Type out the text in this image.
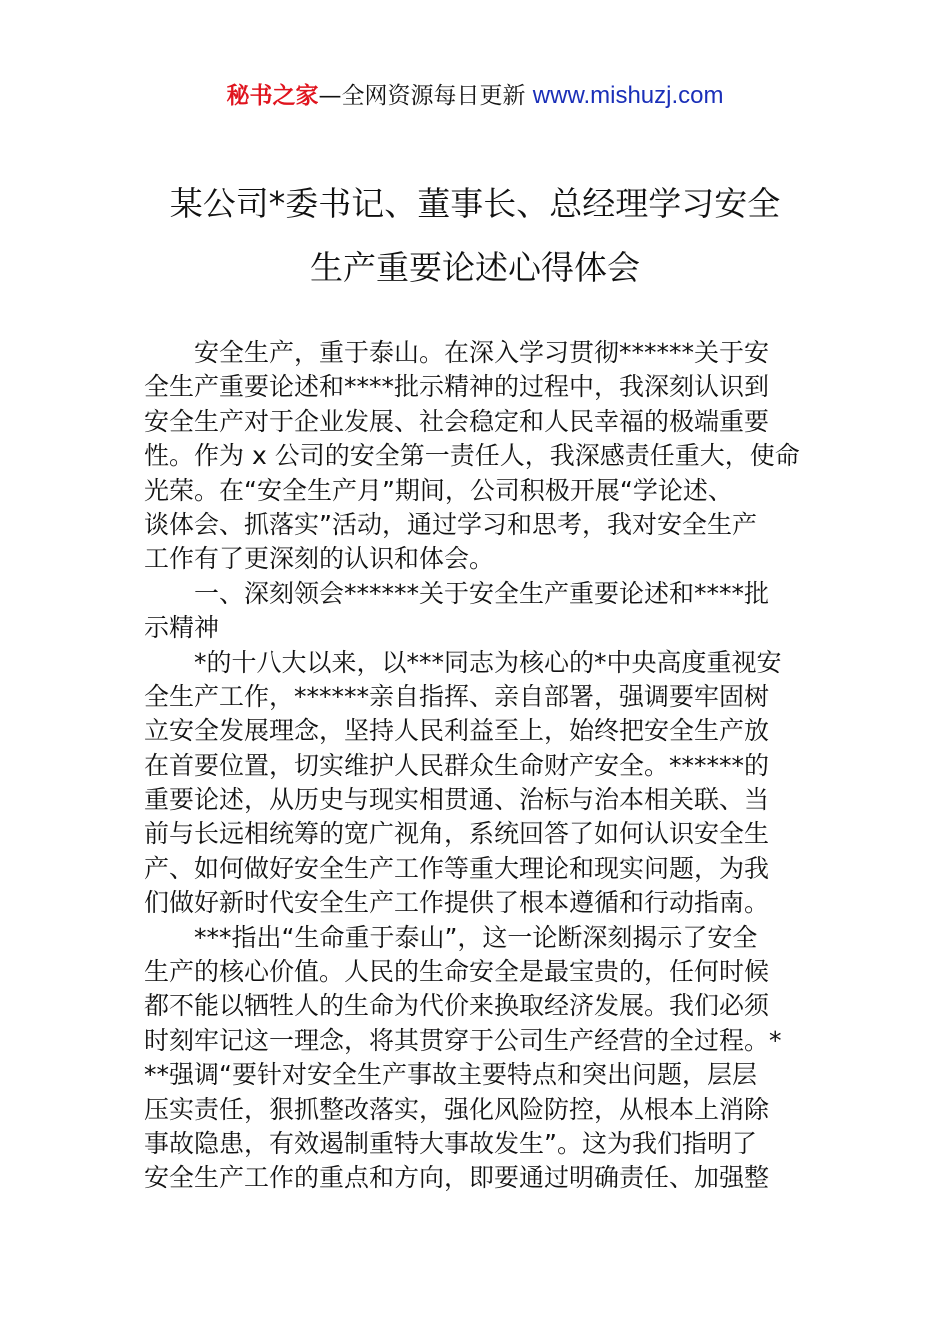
秘书之家—全网资源每日更新 www.mishuzj.com
某公司*委书记、董事长、总经理学习安全
生产重要论述心得体会
安全生产，重于泰山。在深入学习贯彻******关于安
全生产重要论述和****批示精神的过程中，我深刻认识到
安全生产对于企业发展、社会稳定和人民幸福的极端重要
性。作为 x 公司的安全第一责任人，我深感责任重大，使命
光荣。在“安全生产月”期间，公司积极开展“学论述、
谈体会、抓落实”活动，通过学习和思考，我对安全生产
工作有了更深刻的认识和体会。
一、深刻领会******关于安全生产重要论述和****批
示精神
*的十八大以来，以***同志为核心的*中央高度重视安
全生产工作，******亲自指挥、亲自部署，强调要牢固树
立安全发展理念，坚持人民利益至上，始终把安全生产放
在首要位置，切实维护人民群众生命财产安全。******的
重要论述，从历史与现实相贯通、治标与治本相关联、当
前与长远相统筹的宽广视角，系统回答了如何认识安全生
产、如何做好安全生产工作等重大理论和现实问题，为我
们做好新时代安全生产工作提供了根本遵循和行动指南。
***指出“生命重于泰山”，这一论断深刻揭示了安全
生产的核心价值。人民的生命安全是最宝贵的，任何时候
都不能以牺牲人的生命为代价来换取经济发展。我们必须
时刻牢记这一理念，将其贯穿于公司生产经营的全过程。*
**强调“要针对安全生产事故主要特点和突出问题，层层
压实责任，狠抓整改落实，强化风险防控，从根本上消除
事故隐患，有效遏制重特大事故发生”。这为我们指明了
安全生产工作的重点和方向，即要通过明确责任、加强整
